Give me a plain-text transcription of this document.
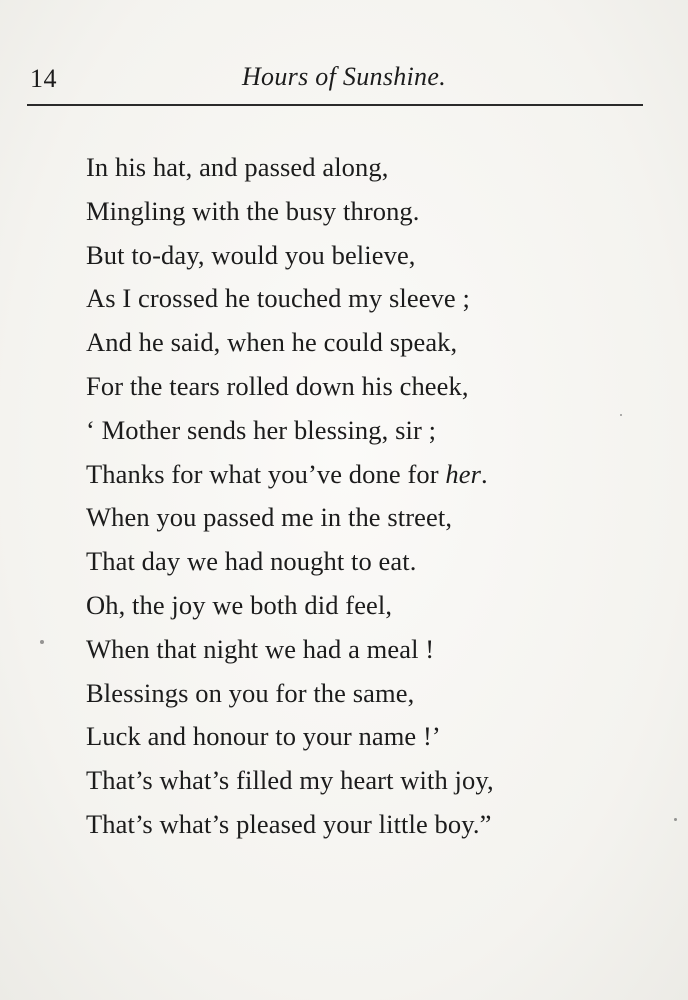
14	Hours of Sunshine.
In his hat, and passed along,
Mingling with the busy throng.
But to-day, would you believe,
As I crossed he touched my sleeve ;
And he said, when he could speak,
For the tears rolled down his cheek,
‘ Mother sends her blessing, sir ;
Thanks for what you’ve done for her.
When you passed me in the street,
That day we had nought to eat.
Oh, the joy we both did feel,
When that night we had a meal !
Blessings on you for the same,
Luck and honour to your name !’
That’s what’s filled my heart with joy,
That’s what’s pleased your little boy.”
